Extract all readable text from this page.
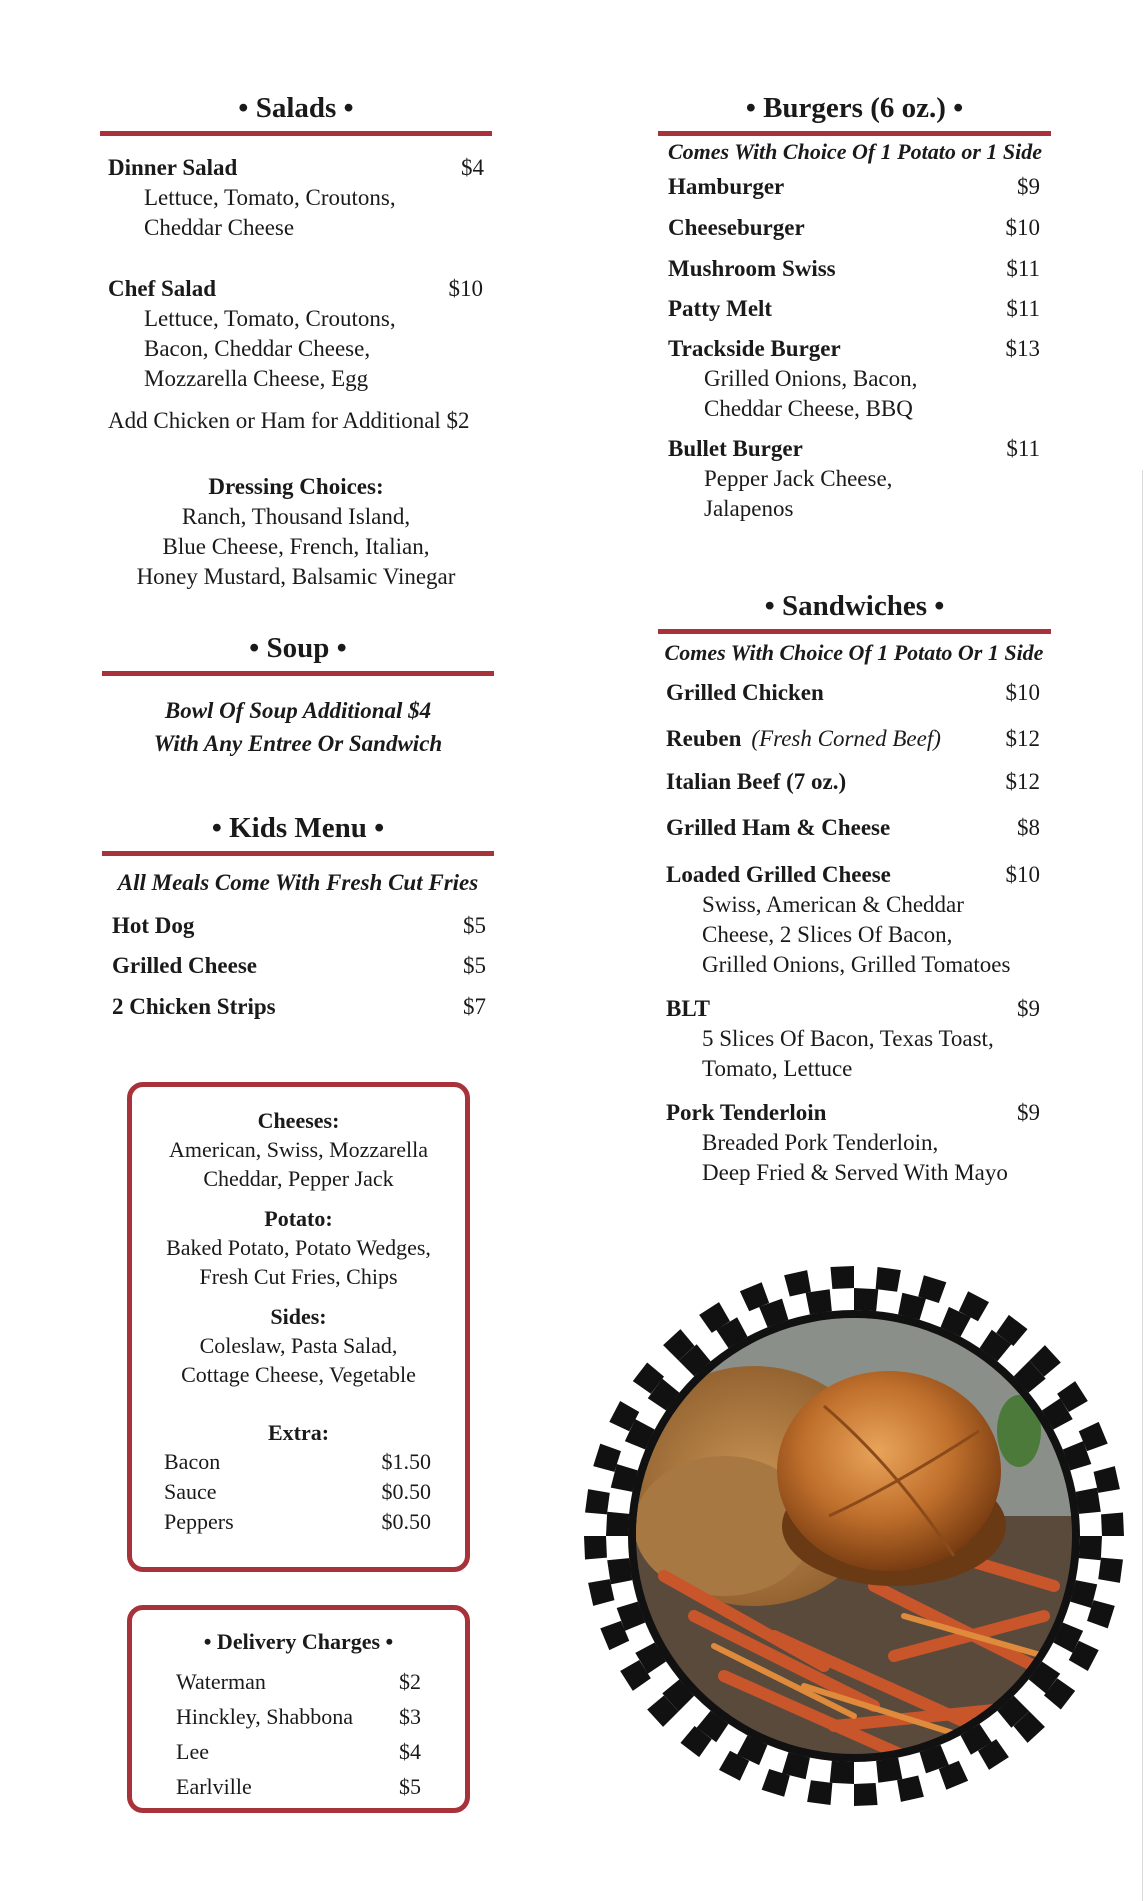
• Salads •
Dinner Salad	$4
Lettuce, Tomato, Croutons,
Cheddar Cheese
Chef Salad	$10
Lettuce, Tomato, Croutons,
Bacon, Cheddar Cheese,
Mozzarella Cheese, Egg
Add Chicken or Ham for Additional $2
Dressing Choices:
Ranch, Thousand Island,
Blue Cheese, French, Italian,
Honey Mustard, Balsamic Vinegar
• Soup •
Bowl Of Soup Additional $4
With Any Entree Or Sandwich
• Kids Menu •
All Meals Come With Fresh Cut Fries
Hot Dog	$5
Grilled Cheese	$5
2 Chicken Strips	$7
Cheeses:
American, Swiss, Mozzarella
Cheddar, Pepper Jack
Potato:
Baked Potato, Potato Wedges,
Fresh Cut Fries, Chips
Sides:
Coleslaw, Pasta Salad,
Cottage Cheese, Vegetable
Extra:
Bacon	$1.50
Sauce	$0.50
Peppers	$0.50
• Delivery Charges •
Waterman	$2
Hinckley, Shabbona $3
Lee	$4
Earlville	$5
• Burgers (6 oz.) •
Comes With Choice Of 1 Potato or 1 Side
Hamburger	$9
Cheeseburger	$10
Mushroom Swiss	$11
Patty Melt	$11
Trackside Burger	$13
Grilled Onions, Bacon,
Cheddar Cheese, BBQ
Bullet Burger	$11
Pepper Jack Cheese,
Jalapenos
• Sandwiches •
Comes With Choice Of 1 Potato Or 1 Side
Grilled Chicken	$10
Reuben (Fresh Corned Beef)	$12
Italian Beef (7 oz.)	$12
Grilled Ham & Cheese	$8
Loaded Grilled Cheese	$10
Swiss, American & Cheddar
Cheese, 2 Slices Of Bacon,
Grilled Onions, Grilled Tomatoes
BLT	$9
5 Slices Of Bacon, Texas Toast,
Tomato, Lettuce
Pork Tenderloin	$9
Breaded Pork Tenderloin,
Deep Fried & Served With Mayo
